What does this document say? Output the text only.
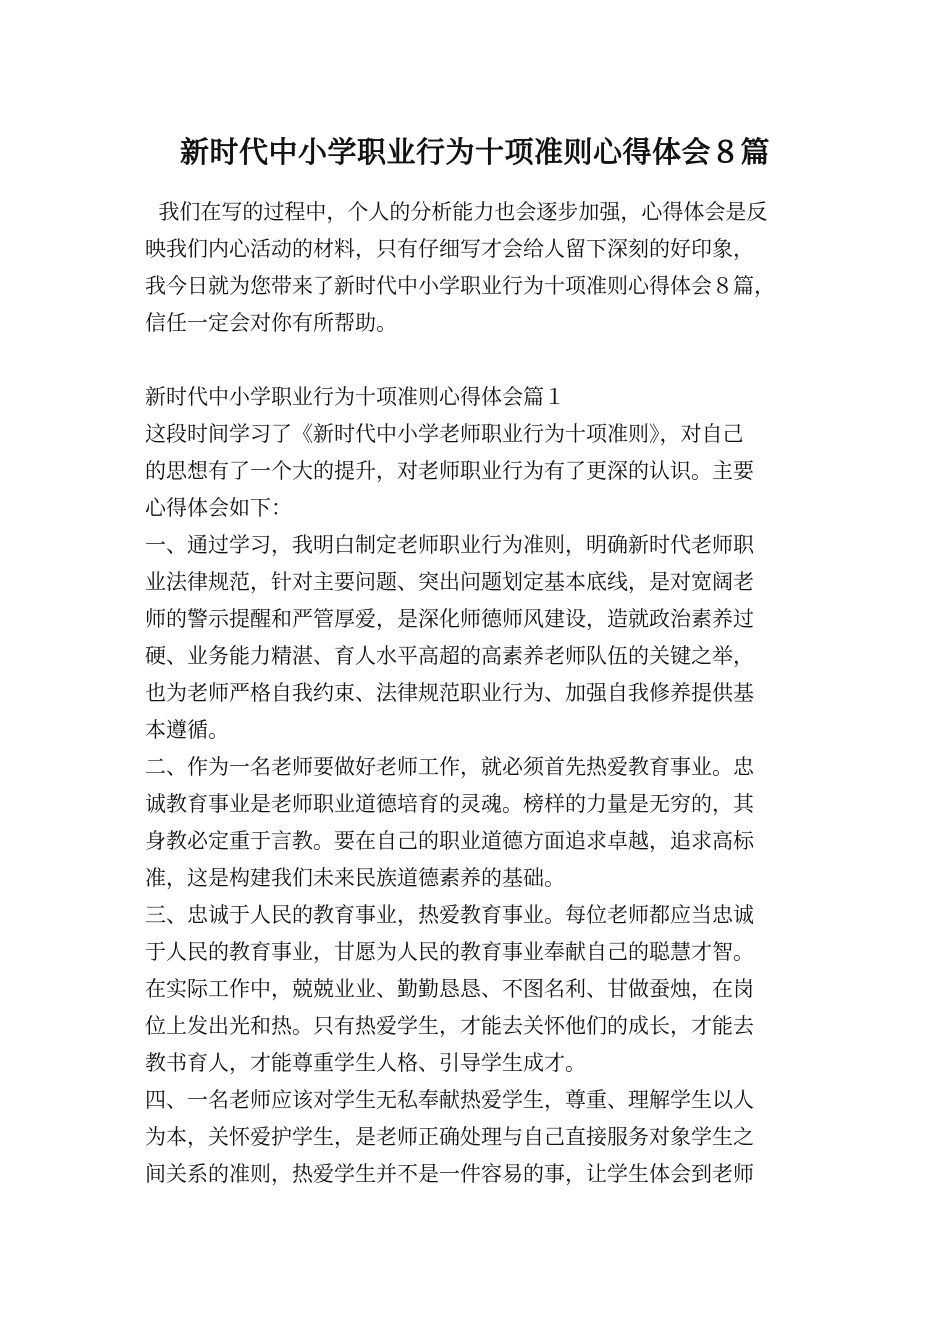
新时代中小学职业行为十项准则心得体会８篇
我们在写的过程中，个人的分析能力也会逐步加强，心得体会是反
映我们内心活动的材料，只有仔细写才会给人留下深刻的好印象，
我今日就为您带来了新时代中小学职业行为十项准则心得体会８篇，
信任一定会对你有所帮助。
新时代中小学职业行为十项准则心得体会篇１
这段时间学习了《新时代中小学老师职业行为十项准则》，对自己
的思想有了一个大的提升，对老师职业行为有了更深的认识。主要
心得体会如下：
一、通过学习，我明白制定老师职业行为准则，明确新时代老师职
业法律规范，针对主要问题、突出问题划定基本底线，是对宽阔老
师的警示提醒和严管厚爱，是深化师德师风建设，造就政治素养过
硬、业务能力精湛、育人水平高超的高素养老师队伍的关键之举，
也为老师严格自我约束、法律规范职业行为、加强自我修养提供基
本遵循。
二、作为一名老师要做好老师工作，就必须首先热爱教育事业。忠
诚教育事业是老师职业道德培育的灵魂。榜样的力量是无穷的，其
身教必定重于言教。要在自己的职业道德方面追求卓越，追求高标
准，这是构建我们未来民族道德素养的基础。
三、忠诚于人民的教育事业，热爱教育事业。每位老师都应当忠诚
于人民的教育事业，甘愿为人民的教育事业奉献自己的聪慧才智。
在实际工作中，兢兢业业、勤勤恳恳、不图名利、甘做蚕烛，在岗
位上发出光和热。只有热爱学生，才能去关怀他们的成长，才能去
教书育人，才能尊重学生人格、引导学生成才。
四、一名老师应该对学生无私奉献热爱学生，尊重、理解学生以人
为本，关怀爱护学生，是老师正确处理与自己直接服务对象学生之
间关系的准则，热爱学生并不是一件容易的事，让学生体会到老师
